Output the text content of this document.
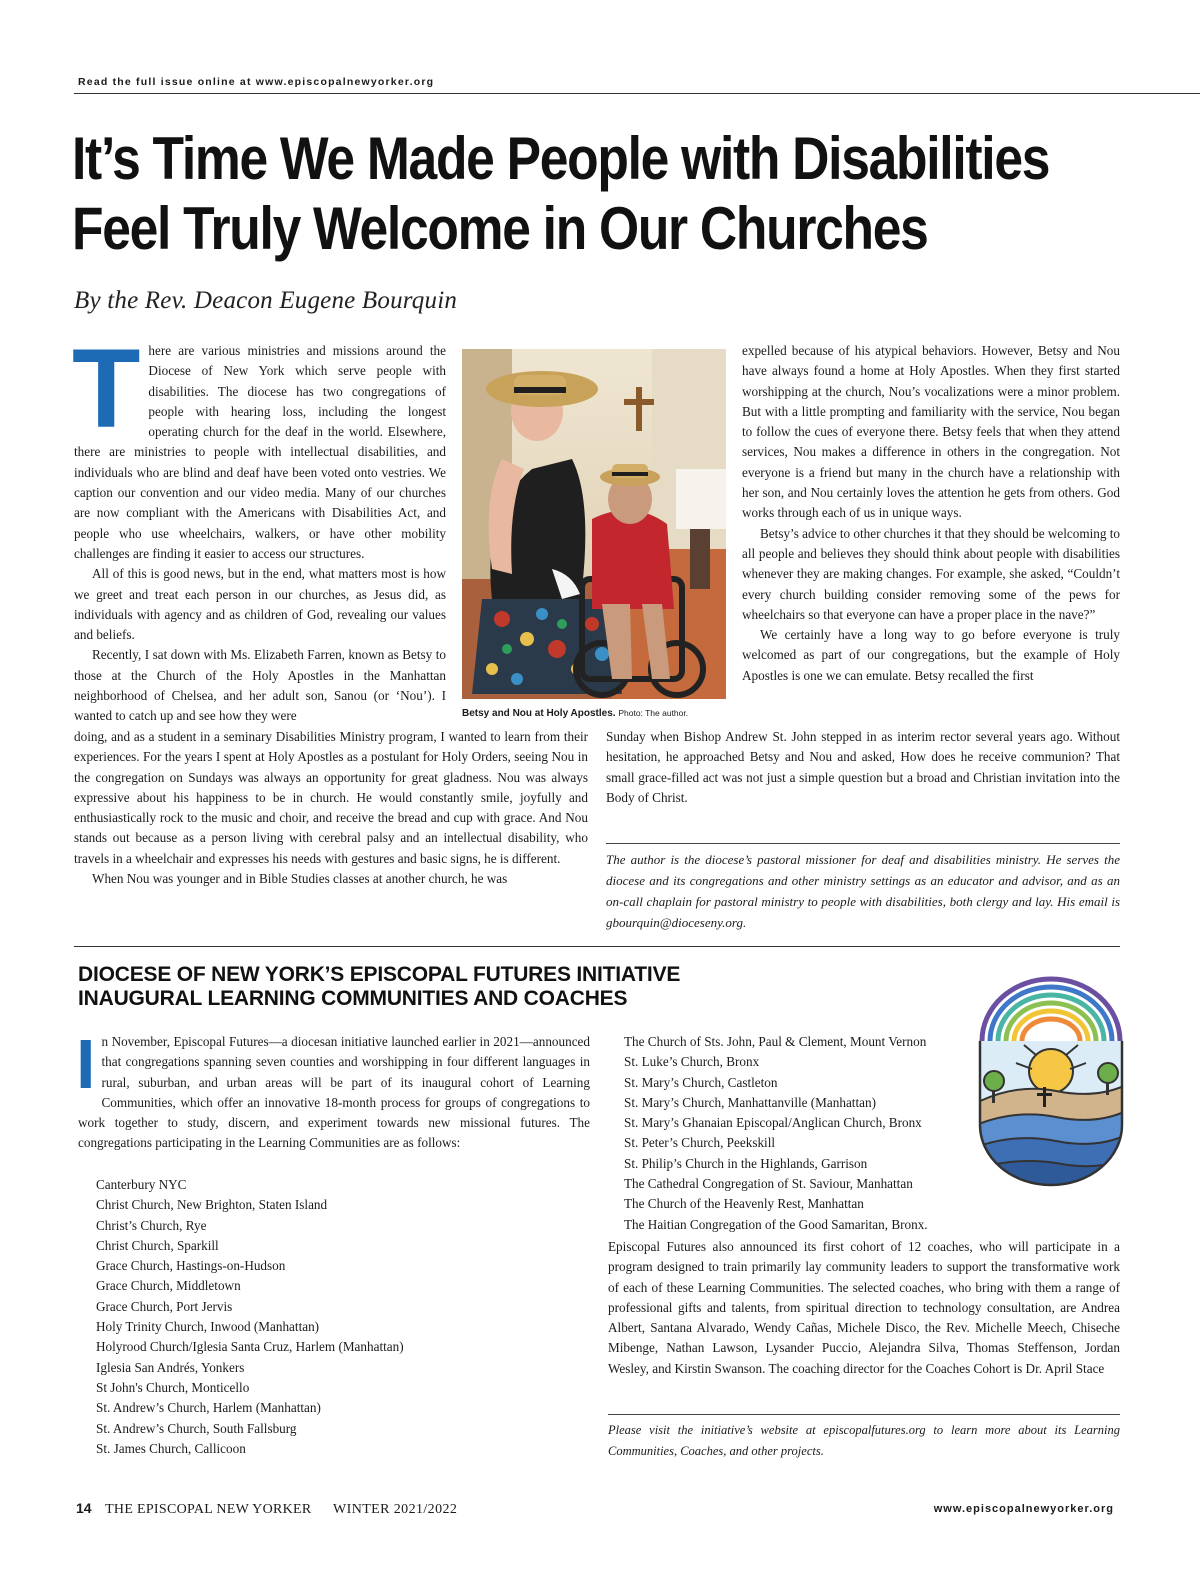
Read the full issue online at www.episcopalnewyorker.org
It’s Time We Made People with Disabilities
Feel Truly Welcome in Our Churches
By the Rev. Deacon Eugene Bourquin

There are various ministries and missions around the Diocese of New York which serve people with disabilities. The diocese has two congregations of people with hearing loss, including the longest operating church for the deaf in the world. Elsewhere, there are ministries to people with intellectual disabilities, and individuals who are blind and deaf have been voted onto vestries. We caption our convention and our video media. Many of our churches are now compliant with the Americans with Disabilities Act, and people who use wheelchairs, walkers, or have other mobility challenges are finding it easier to access our structures.

All of this is good news, but in the end, what matters most is how we greet and treat each person in our churches, as Jesus did, as individuals with agency and as children of God, revealing our values and beliefs.

Recently, I sat down with Ms. Elizabeth Farren, known as Betsy to those at the Church of the Holy Apostles in the Manhattan neighborhood of Chelsea, and her adult son, Sanou (or ‘Nou’). I wanted to catch up and see how they were	Betsy and Nou at Holy Apostles. Photo: The author.

doing, and as a student in a seminary Disabilities Ministry program, I wanted to learn from their experiences. For the years I spent at Holy Apostles as a postulant for Holy Orders, seeing Nou in the congregation on Sundays was always an opportunity for great gladness. Nou was always expressive about his happiness to be in church. He would constantly smile, joyfully and enthusiastically rock to the music and choir, and receive the bread and cup with grace. And Nou stands out because as a person living with cerebral palsy and an intellectual disability, who travels in a wheelchair and expresses his needs with gestures and basic signs, he is different.

When Nou was younger and in Bible Studies classes at another church, he was

expelled because of his atypical behaviors. However, Betsy and Nou have always found a home at Holy Apostles. When they first started worshipping at the church, Nou’s vocalizations were a minor problem. But with a little prompting and familiarity with the service, Nou began to follow the cues of everyone there. Betsy feels that when they attend services, Nou makes a difference in others in the congregation. Not everyone is a friend but many in the church have a relationship with her son, and Nou certainly loves the attention he gets from others. God works through each of us in unique ways.

Betsy’s advice to other churches it that they should be welcoming to all people and believes they should think about people with disabilities whenever they are making changes. For example, she asked, “Couldn’t every church building consider removing some of the pews for wheelchairs so that everyone can have a proper place in the nave?”

We certainly have a long way to go before everyone is truly welcomed as part of our congregations, but the example of Holy Apostles is one we can emulate. Betsy recalled the first

Sunday when Bishop Andrew St. John stepped in as interim rector several years ago. Without hesitation, he approached Betsy and Nou and asked, How does he receive communion? That small grace-filled act was not just a simple question but a broad and Christian invitation into the Body of Christ.

The author is the diocese’s pastoral missioner for deaf and disabilities ministry. He serves the diocese and its congregations and other ministry settings as an educator and advisor, and as an on-call chaplain for pastoral ministry to people with disabilities, both clergy and lay. His email is gbourquin@dioceseny.org.
DIOCESE OF NEW YORK’S EPISCOPAL FUTURES INITIATIVE
INAUGURAL LEARNING COMMUNITIES AND COACHES

In November, Episcopal Futures—a diocesan initiative launched earlier in 2021—announced that congregations spanning seven counties and worshipping in four different languages in rural, suburban, and urban areas will be part of its inaugural cohort of Learning Communities, which offer an innovative 18-month process for groups of congregations to work together to study, discern, and experiment towards new missional futures. The congregations participating in the Learning Communities are as follows:

Canterbury NYC
Christ Church, New Brighton, Staten Island
Christ’s Church, Rye
Christ Church, Sparkill
Grace Church, Hastings-on-Hudson
Grace Church, Middletown
Grace Church, Port Jervis
Holy Trinity Church, Inwood (Manhattan)
Holyrood Church/Iglesia Santa Cruz, Harlem (Manhattan)
Iglesia San Andrés, Yonkers
St John's Church, Monticello
St. Andrew’s Church, Harlem (Manhattan)
St. Andrew’s Church, South Fallsburg
St. James Church, Callicoon
The Church of Sts. John, Paul & Clement, Mount Vernon
St. Luke’s Church, Bronx
St. Mary’s Church, Castleton
St. Mary’s Church, Manhattanville (Manhattan)
St. Mary’s Ghanaian Episcopal/Anglican Church, Bronx
St. Peter’s Church, Peekskill
St. Philip’s Church in the Highlands, Garrison
The Cathedral Congregation of St. Saviour, Manhattan
The Church of the Heavenly Rest, Manhattan
The Haitian Congregation of the Good Samaritan, Bronx.

Episcopal Futures also announced its first cohort of 12 coaches, who will participate in a program designed to train primarily lay community leaders to support the transformative work of each of these Learning Communities. The selected coaches, who bring with them a range of professional gifts and talents, from spiritual direction to technology consultation, are Andrea Albert, Santana Alvarado, Wendy Cañas, Michele Disco, the Rev. Michelle Meech, Chiseche Mibenge, Nathan Lawson, Lysander Puccio, Alejandra Silva, Thomas Steffenson, Jordan Wesley, and Kirstin Swanson. The coaching director for the Coaches Cohort is Dr. April Stace

Please visit the initiative’s website at episcopalfutures.org to learn more about its Learning Communities, Coaches, and other projects.
14 THE EPISCOPAL NEW YORKER WINTER 2021/2022	www.episcopalnewyorker.org
